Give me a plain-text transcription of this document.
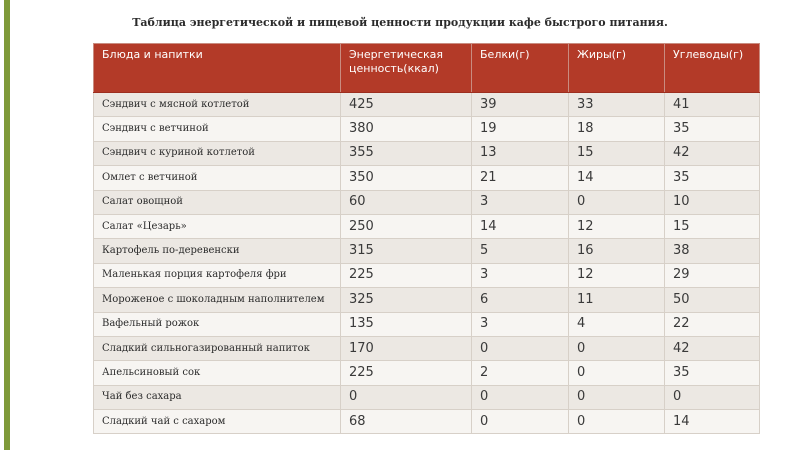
Таблица энергетической и пищевой ценности продукции кафе быстрого питания.
Блюда и напитки	Энергетическая ценность(ккал)	Белки(г)	Жиры(г)	Углеводы(г)
Сэндвич с мясной котлетой	425	39	33	41
Сэндвич с ветчиной	380	19	18	35
Сэндвич с куриной котлетой	355	13	15	42
Омлет с ветчиной	350	21	14	35
Салат овощной	60	3	0	10
Салат «Цезарь»	250	14	12	15
Картофель по-деревенски	315	5	16	38
Маленькая порция картофеля фри	225	3	12	29
Мороженое с шоколадным наполнителем	325	6	11	50
Вафельный рожок	135	3	4	22
Сладкий сильногазированный напиток	170	0	0	42
Апельсиновый сок	225	2	0	35
Чай без сахара	0	0	0	0
Сладкий чай с сахаром	68	0	0	14
